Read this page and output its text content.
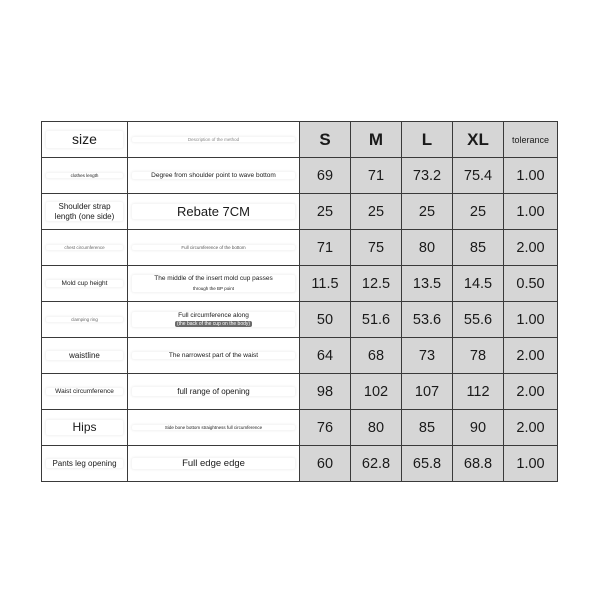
size	Description of the method	S	M	L	XL	tolerance

clothes length	Degree from shoulder point to wave bottom	69	71	73.2	75.4	1.00

Shoulder strap length (one side)	Rebate 7CM	25	25	25	25	1.00

chest circumference	Full circumference of the bottom	71	75	80	85	2.00

Mold cup height	The middle of the insert mold cup passes
through the BP point	11.5	12.5	13.5	14.5	0.50

clamping ring	Full circumference along
(the back of the cup on the body)	50	51.6	53.6	55.6	1.00

waistline	The narrowest part of the waist	64	68	73	78	2.00

Waist circumference	full range of opening	98	102	107	112	2.00

Hips	Side bone bottom straightness full circumference	76	80	85	90	2.00

Pants leg opening	Full edge edge	60	62.8	65.8	68.8	1.00
